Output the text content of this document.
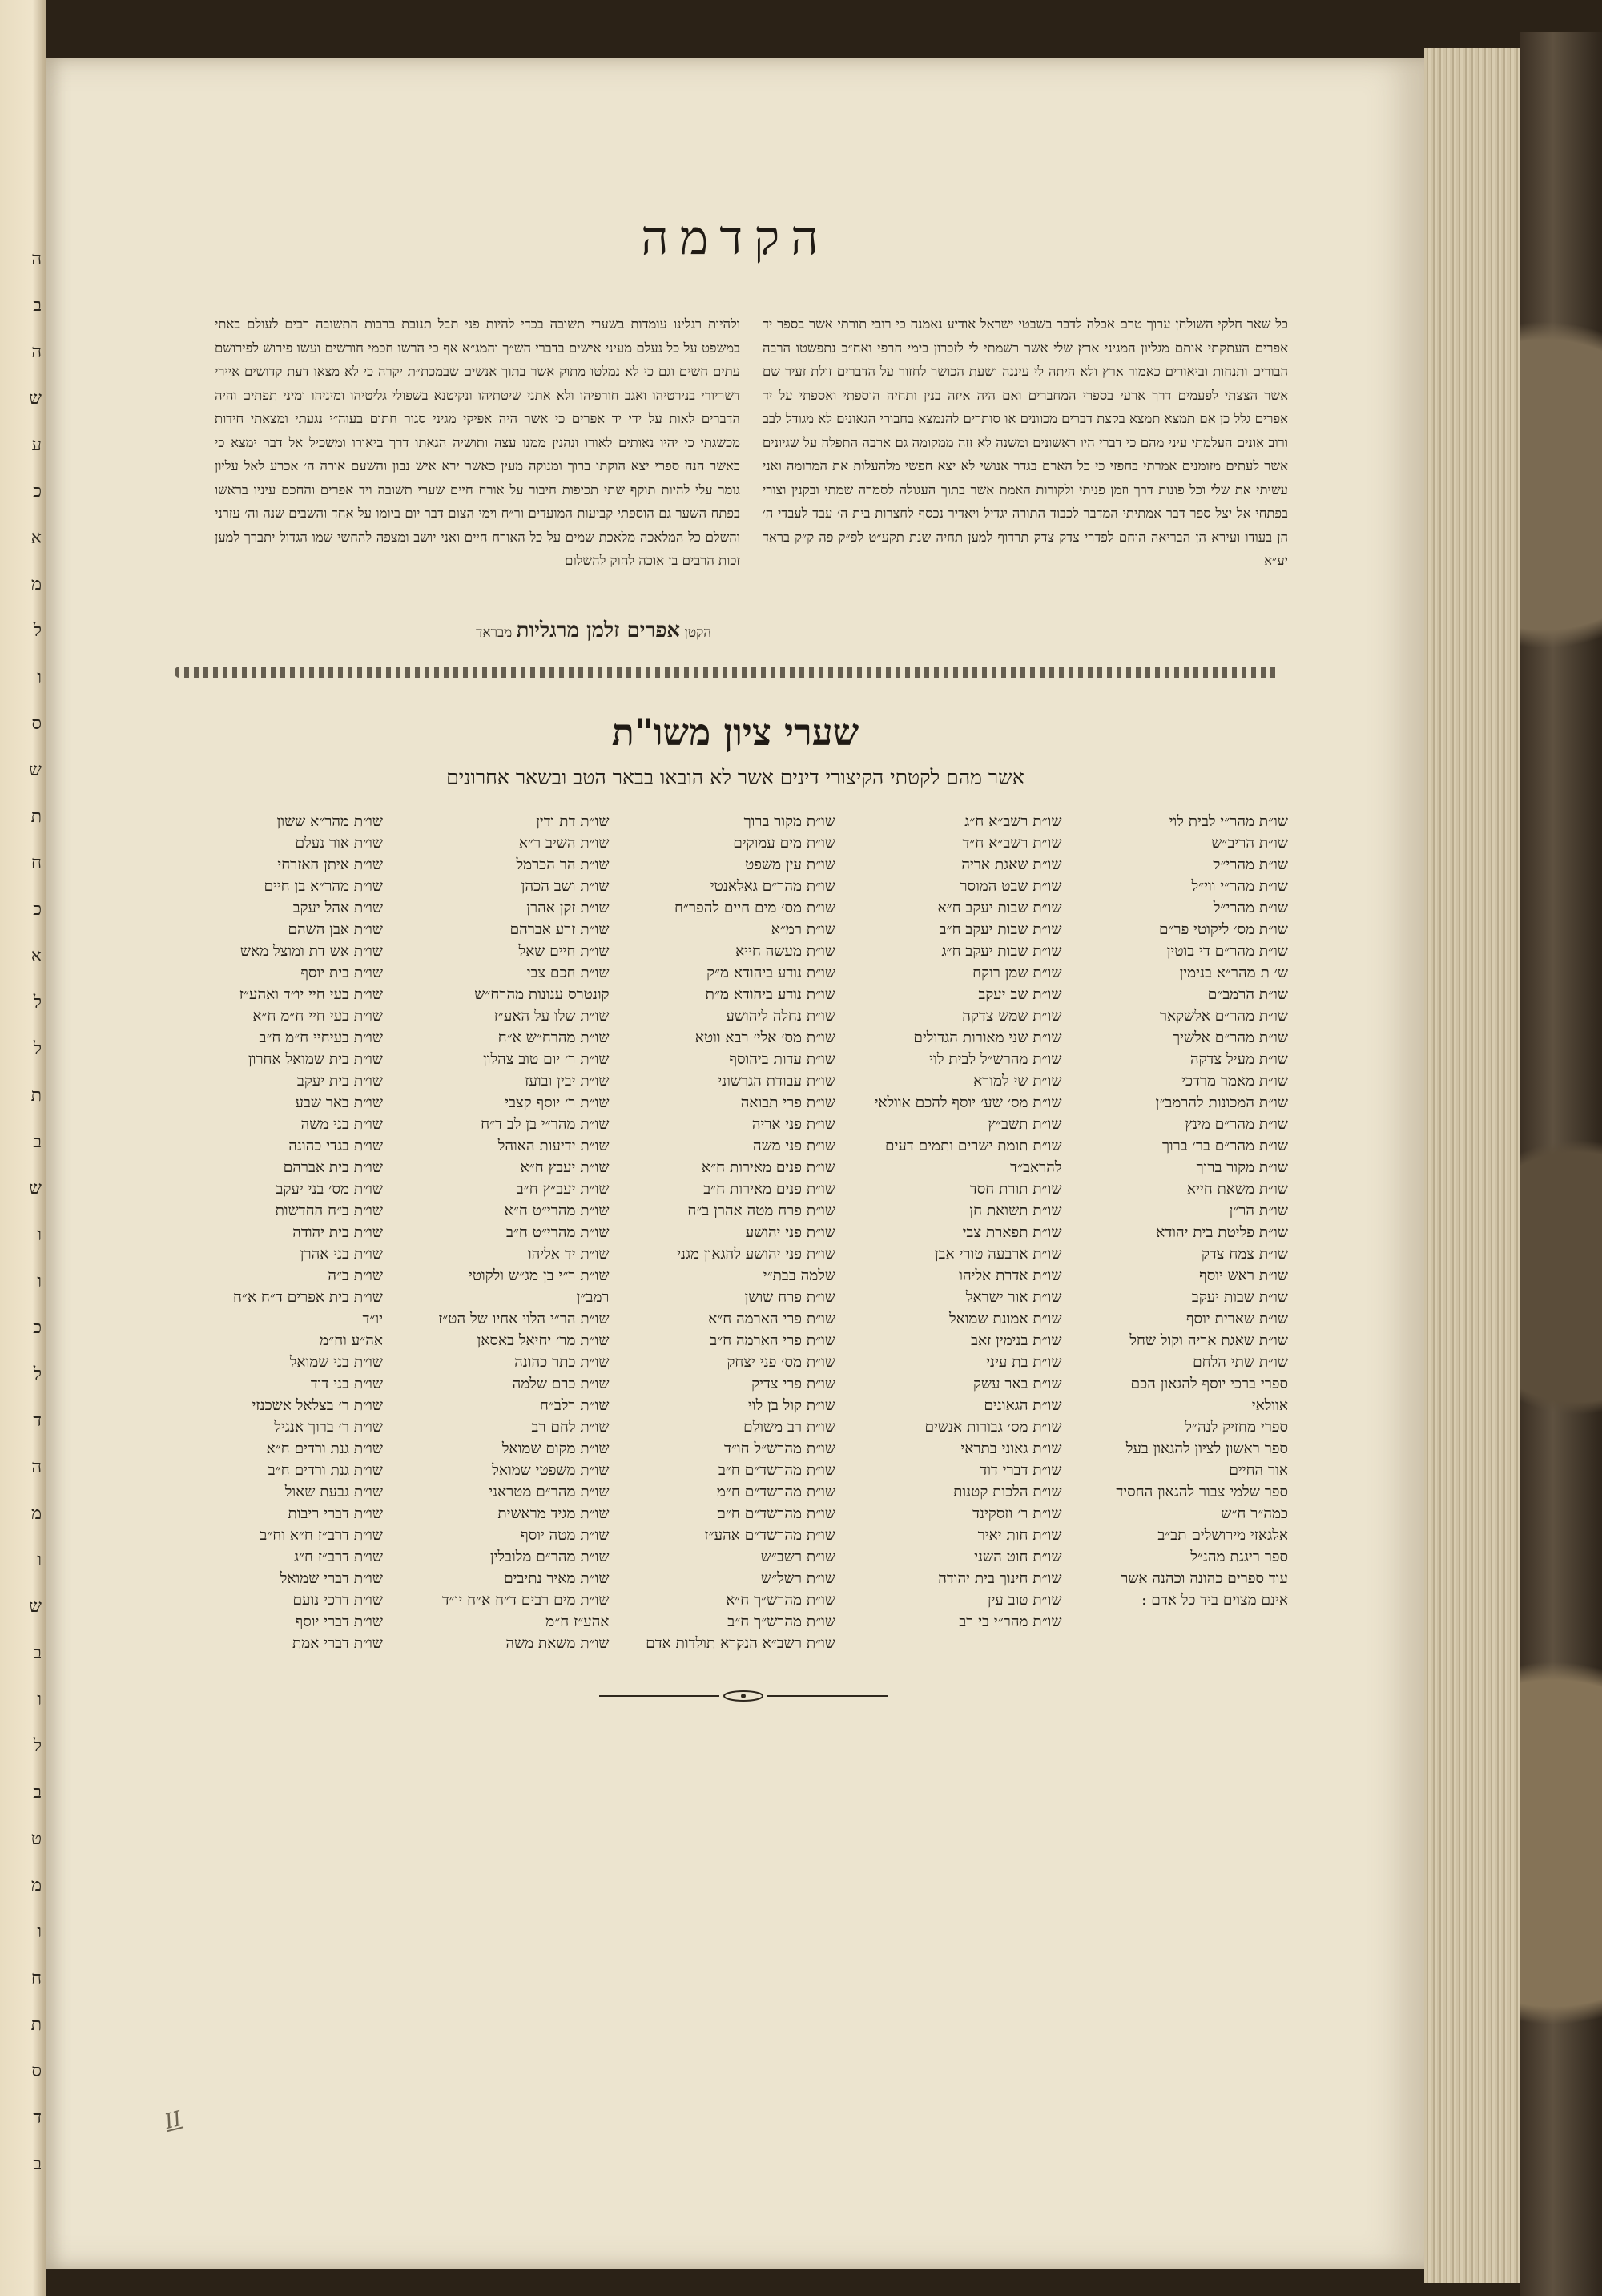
ה
ב
ה
ש
ע
כ
א
מ
ל
ו
ס
ש
ת
ח
כ
א
ל
ל
ת
ב
ש
ו
ו
כ
ל
ד
ה
מ
ו
ש
ב
ו
ל
ב
ט
מ
ו
ח
ת
ס
ד
ב
הקדמה

ולהיות רגלינו עומדות בשערי תשובה בכדי להיות פני תבל תנובת ברבות התשובה רבים לעולם באתי במשפט על כל נעלם מעיני אישים בדברי הש״ך והמג״א אף כי הרשו חכמי חורשים ועשו פירוש לפירושם עתים חשים וגם כי לא נמלטו מתוק אשר בתוך אנשים שבמכת״ת יקרה כי לא מצאו דעת קדושים איירי דשריורי בנירטיהו ואגב חורפיהו ולא אתני שיטתיהו ונקיטנא בשפולי גליטיהו ומיניהו ומיני תפתים והיה הדברים לאות על ידי יד אפרים כי אשר היה אפיקי מגיני סגור חתום בעוה״י נגעתי ומצאתי חידות מכשגתי כי יהיו נאותים לאורו ונהנין ממנו עצה ותושיה הגאתו דרך ביאורו ומשכיל אל דבר ימצא כי כאשר הנה ספרי יצא הוקתו ברוך ומנוקה מעין כאשר ירא איש נבון והשעם אורה ה׳ אכרע לאל עליון גומר עלי להיות תוקף שתי תכיפות חיבור על אורח חיים שערי תשובה ויד אפרים והחכם עיניו בראשו בפתח השער גם הוספתי קביעות המועדים ור״ח וימי הצום דבר יום ביומו על אחד והשבים שנה וה׳ עזרני והשלם כל המלאכה מלאכת שמים על כל האורח חיים ואני יושב ומצפה להחשי שמו הגדול יתברך למען זכות הרבים בן אוכה לחוק להשלום

כל שאר חלקי השולחן ערוך טרם אכלה לדבר בשבטי ישראל אודיע נאמנה כי רובי תורתי אשר בספר יד אפרים העתקתי אותם מגליון המגיני ארץ שלי אשר רשמתי לי לזכרון בימי חרפי ואח״כ נתפשטו הרבה הבורים ותנחות וביאורים כאמור ארץ ולא היתה לי עיננה ושעת הכושר לחזור על הדברים זולת זעיר שם אשר הצצתי לפעמים דרך ארעי בספרי המחברים ואם היה איזה בנין ותחיה הוספתי ואספתי על יד אפרים גלל כן אם תמצא תמצא בקצת דברים מכוונים או סותרים להנמצא בחבורי הגאונים לא מגודל לבב ורוב אונים העלמתי עיני מהם כי דברי היו ראשונים ומשנה לא זזה ממקומה גם ארבה התפלה על שגיונים אשר לעתים מזומנים אמרתי בחפזי כי כל הארם בגדר אנושי לא יצא חפשי מלהעלות את המרומה ואני עשיתי את שלי וכל פונות דרך וזמן פניתי ולקורות האמת אשר בתוך העגולה לסמרה שמתי ובקנין וצורי בפתחי אל יצל ספר דבר אמתיתי המדבר לכבוד התורה יגדיל ויאדיר נכסף לחצרות בית ה׳ עבד לעבדי ה׳ הן בעודו ועירא הן הבריאה הוחם לפדרי צדק צדק תרדוף למען תחיה שנת תקע״ט לפ״ק פה ק״ק בראד יע״א

הקטן אפרים זלמן מרגליות מבראד
שערי ציון משו"ת
אשר מהם לקטתי הקיצורי דינים אשר לא הובאו בבאר הטב ובשאר אחרונים
שו״ת מהר״א ששון
שו״ת אור נעלם
שו״ת איתן האזרחי
שו״ת מהר״א בן חיים
שו״ת אהל יעקב
שו״ת אבן השהם
שו״ת אש דת ומוצל מאש
שו״ת בית יוסף
שו״ת בעי חיי יו״ד ואהע״ז
שו״ת בעי חיי ח״מ ח״א
שו״ת בעיחיי ח״מ ח״ב
שו״ת בית שמואל אחרון
שו״ת בית יעקב
שו״ת באר שבע
שו״ת בני משה
שו״ת בגדי כהונה
שו״ת בית אברהם
שו״ת מס׳ בני יעקב
שו״ת ב״ח החדשות
שו״ת בית יהודה
שו״ת בני אהרן
שו״ת ב״ה
שו״ת בית אפרים ד״ח א״ח
יו״ד
אה״ע וח״מ
שו״ת בני שמואל
שו״ת בני דוד
שו״ת ר׳ בצלאל אשכנזי
שו״ת ר׳ ברוך אנגיל
שו״ת גנת ורדים ח״א
שו״ת גנת ורדים ח״ב
שו״ת גבעת שאול
שו״ת דברי ריבות
שו״ת דרב״ז ח״א וח״ב
שו״ת דרב״ז ח״ג
שו״ת דברי שמואל
שו״ת דרכי נועם
שו״ת דברי יוסף
שו״ת דברי אמת
שו״ת דת ודין
שו״ת השיב ר״א
שו״ת הר הכרמל
שו״ת ושב הכהן
שו״ת זקן אהרן
שו״ת זרע אברהם
שו״ת חיים שאל
שו״ת חכם צבי
קונטרס ענונות מהרח״ש
שו״ת שלו על האע״ז
שו״ת מהרח״ש א״ח
שו״ת ר׳ יום טוב צהלון
שו״ת יבין ובועז
שו״ת ר׳ יוסף קצבי
שו״ת מהר״י בן לב ד״ח
שו״ת ידיעות האוהל
שו״ת יעבץ ח״א
שו״ת יעב״ץ ח״ב
שו״ת מהרי״ט ח״א
שו״ת מהרי״ט ח״ב
שו״ת יד אליהו
שו״ת ר״י בן מג״ש ולקוטי
רמב״ן
שו״ת הר״י הלוי אחיו של הט״ז
שו״ת מר׳ יחיאל באסאן
שו״ת כתר כהונה
שו״ת כרם שלמה
שו״ת רלב״ח
שו״ת לחם רב
שו״ת מקום שמואל
שו״ת משפטי שמואל
שו״ת מהר״ם מטראני
שו״ת מגיד מראשית
שו״ת מטה יוסף
שו״ת מהר״ם מלובלין
שו״ת מאיר נתיבים
שו״ת מים רבים ד״ח א״ח יו״ד
אהע״ז ח״מ
שו״ת משאת משה
שו״ת מקור ברוך
שו״ת מים עמוקים
שו״ת עין משפט
שו״ת מהר״ם גאלאנטי
שו״ת מס׳ מים חיים להפר״ח
שו״ת רמ״א
שו״ת מעשה חייא
שו״ת נודע ביהודא מ״ק
שו״ת נודע ביהודא מ״ת
שו״ת נחלה ליהושע
שו״ת מס׳ אלי׳ רבא ווטא
שו״ת עדות ביהוסף
שו״ת עבודת הגרשוני
שו״ת פרי תבואה
שו״ת פני אריה
שו״ת פני משה
שו״ת פנים מאירות ח״א
שו״ת פנים מאירות ח״ב
שו״ת פרח מטה אהרן ב״ח
שו״ת פני יהושע
שו״ת פני יהושע להגאון מגני
שלמה בבת״י
שו״ת פרח שושן
שו״ת פרי הארמה ח״א
שו״ת פרי הארמה ח״ב
שו״ת מס׳ פני יצחק
שו״ת פרי צדיק
שו״ת קול בן לוי
שו״ת רב משולם
שו״ת מהרש״ל חו״ד
שו״ת מהרשד״ם ח״ב
שו״ת מהרשד״ם ח״מ
שו״ת מהרשד״ם ח״ם
שו״ת מהרשד״ם אהע״ז
שו״ת רשב״ש
שו״ת רשל״ש
שו״ת מהרש״ך ח״א
שו״ת מהרש״ך ח״ב
שו״ת רשב״א הנקרא תולדות אדם
שו״ת רשב״א ח״ג
שו״ת רשב״א ח״ד
שו״ת שאגת אריה
שו״ת שבט המוסר
שו״ת שבות יעקב ח״א
שו״ת שבות יעקב ח״ב
שו״ת שבות יעקב ח״ג
שו״ת שמן רוקח
שו״ת שב יעקב
שו״ת שמש צדקה
שו״ת שני מאורות הגדולים
שו״ת מהרש״ל לבית לוי
שו״ת שי למורא
שו״ת מס׳ שע׳ יוסף להכם אוולאי
שו״ת תשב״ץ
שו״ת תומת ישרים ותמים דעים
להראב״ד
שו״ת תורת חסד
שו״ת תשואת חן
שו״ת תפארת צבי
שו״ת ארבעה טורי אבן
שו״ת אדרת אליהו
שו״ת אור ישראל
שו״ת אמונת שמואל
שו״ת בנימין זאב
שו״ת בת עיני
שו״ת באר עשק
שו״ת הגאונים
שו״ת מס׳ גבורות אנשים
שו״ת גאוני בתראי
שו״ת דברי דוד
שו״ת הלכות קטנות
שו״ת ר׳ וזסקינד
שו״ת חות יאיר
שו״ת חוט השני
שו״ת חינוך בית יהודה
שו״ת טוב עין
שו״ת מהר״י בי רב
שו״ת מהר״י לבית לוי
שו״ת הריב״ש
שו״ת מהרי״ק
שו״ת מהר״י ווי״ל
שו״ת מהרי״ל
שו״ת מס׳ ליקוטי פר״ם
שו״ת מהר״ם די בוטין
ש׳ ת מהר״א בנימין
שו״ת הרמב״ם
שו״ת מהר״ם אלשקאר
שו״ת מהר״ם אלשיך
שו״ת מעיל צדקה
שו״ת מאמר מרדכי
שו״ת המכונות להרמב״ן
שו״ת מהר״ם מינץ
שו״ת מהר״ם בר׳ ברוך
שו״ת מקור ברוך
שו״ת משאת חייא
שו״ת הר״ן
שו״ת פליטת בית יהודא
שו״ת צמח צדק
שו״ת ראש יוסף
שו״ת שבות יעקב
שו״ת שארית יוסף
שו״ת שאגת אריה וקול שחל
שו״ת שתי הלחם
ספרי ברכי יוסף להגאון הכם
אוולאי
ספרי מחזיק לנה״ל
ספר ראשון לציון להגאון בעל
אור החיים
ספר שלמי צבור להגאון החסיד
כמה״ר ח״ש
אלגאזי מירושלים תב״ב
ספר ריגגת מהנ״ל
עוד ספרים כהונה וכהנה אשר
אינם מצוים ביד כל אדם :
II
